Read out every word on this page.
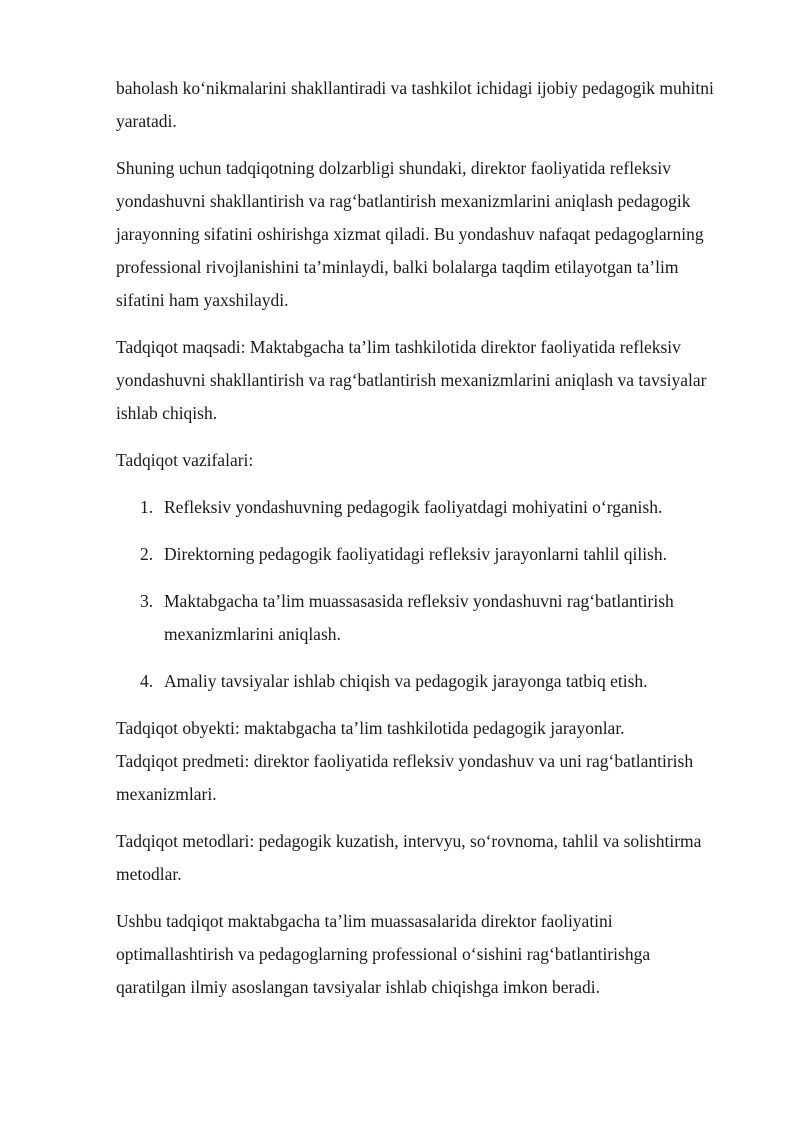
baholash ko‘nikmalarini shakllantiradi va tashkilot ichidagi ijobiy pedagogik muhitni yaratadi.

Shuning uchun tadqiqotning dolzarbligi shundaki, direktor faoliyatida refleksiv yondashuvni shakllantirish va rag‘batlantirish mexanizmlarini aniqlash pedagogik jarayonning sifatini oshirishga xizmat qiladi. Bu yondashuv nafaqat pedagoglarning professional rivojlanishini ta’minlaydi, balki bolalarga taqdim etilayotgan ta’lim sifatini ham yaxshilaydi.

Tadqiqot maqsadi: Maktabgacha ta’lim tashkilotida direktor faoliyatida refleksiv yondashuvni shakllantirish va rag‘batlantirish mexanizmlarini aniqlash va tavsiyalar ishlab chiqish.

Tadqiqot vazifalari:

1. Refleksiv yondashuvning pedagogik faoliyatdagi mohiyatini o‘rganish.
2. Direktorning pedagogik faoliyatidagi refleksiv jarayonlarni tahlil qilish.
3. Maktabgacha ta’lim muassasasida refleksiv yondashuvni rag‘batlantirish mexanizmlarini aniqlash.
4. Amaliy tavsiyalar ishlab chiqish va pedagogik jarayonga tatbiq etish.

Tadqiqot obyekti: maktabgacha ta’lim tashkilotida pedagogik jarayonlar.

Tadqiqot predmeti: direktor faoliyatida refleksiv yondashuv va uni rag‘batlantirish mexanizmlari.

Tadqiqot metodlari: pedagogik kuzatish, intervyu, so‘rovnoma, tahlil va solishtirma metodlar.

Ushbu tadqiqot maktabgacha ta’lim muassasalarida direktor faoliyatini optimallashtirish va pedagoglarning professional o‘sishini rag‘batlantirishga qaratilgan ilmiy asoslangan tavsiyalar ishlab chiqishga imkon beradi.
